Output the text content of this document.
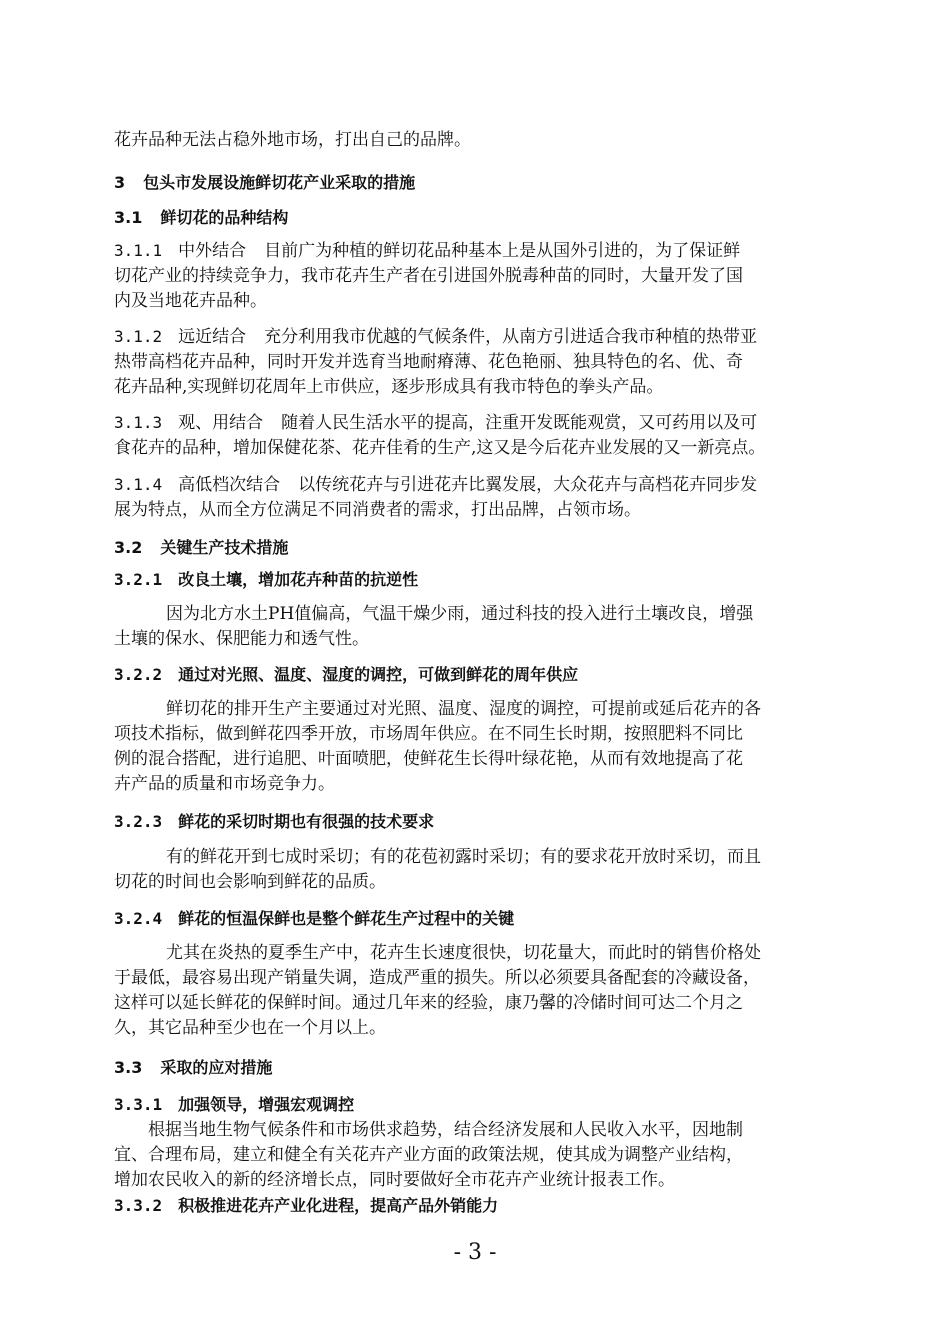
花卉品种无法占稳外地市场，打出自己的品牌。
3 包头市发展设施鲜切花产业采取的措施
3.1 鲜切花的品种结构
3.1.1 中外结合 目前广为种植的鲜切花品种基本上是从国外引进的，为了保证鲜
切花产业的持续竞争力，我市花卉生产者在引进国外脱毒种苗的同时，大量开发了国
内及当地花卉品种。
3.1.2 远近结合 充分利用我市优越的气候条件，从南方引进适合我市种植的热带亚
热带高档花卉品种，同时开发并选育当地耐瘠薄、花色艳丽、独具特色的名、优、奇
花卉品种,实现鲜切花周年上市供应，逐步形成具有我市特色的拳头产品。
3.1.3 观、用结合 随着人民生活水平的提高，注重开发既能观赏，又可药用以及可
食花卉的品种，增加保健花茶、花卉佳肴的生产,这又是今后花卉业发展的又一新亮点。
3.1.4 高低档次结合 以传统花卉与引进花卉比翼发展，大众花卉与高档花卉同步发
展为特点，从而全方位满足不同消费者的需求，打出品牌，占领市场。
3.2 关键生产技术措施
3.2.1 改良土壤，增加花卉种苗的抗逆性
因为北方水土PH值偏高，气温干燥少雨，通过科技的投入进行土壤改良，增强
土壤的保水、保肥能力和透气性。
3.2.2 通过对光照、温度、湿度的调控，可做到鲜花的周年供应
鲜切花的排开生产主要通过对光照、温度、湿度的调控，可提前或延后花卉的各
项技术指标，做到鲜花四季开放，市场周年供应。在不同生长时期，按照肥料不同比
例的混合搭配，进行追肥、叶面喷肥，使鲜花生长得叶绿花艳，从而有效地提高了花
卉产品的质量和市场竞争力。
3.2.3 鲜花的采切时期也有很强的技术要求
有的鲜花开到七成时采切；有的花苞初露时采切；有的要求花开放时采切，而且
切花的时间也会影响到鲜花的品质。
3.2.4 鲜花的恒温保鲜也是整个鲜花生产过程中的关键
尤其在炎热的夏季生产中，花卉生长速度很快，切花量大，而此时的销售价格处
于最低，最容易出现产销量失调，造成严重的损失。所以必须要具备配套的冷藏设备，
这样可以延长鲜花的保鲜时间。通过几年来的经验，康乃馨的冷储时间可达二个月之
久，其它品种至少也在一个月以上。
3.3 采取的应对措施
3.3.1 加强领导，增强宏观调控
根据当地生物气候条件和市场供求趋势，结合经济发展和人民收入水平，因地制
宜、合理布局，建立和健全有关花卉产业方面的政策法规，使其成为调整产业结构，
增加农民收入的新的经济增长点，同时要做好全市花卉产业统计报表工作。
3.3.2 积极推进花卉产业化进程，提高产品外销能力
- 3 -
